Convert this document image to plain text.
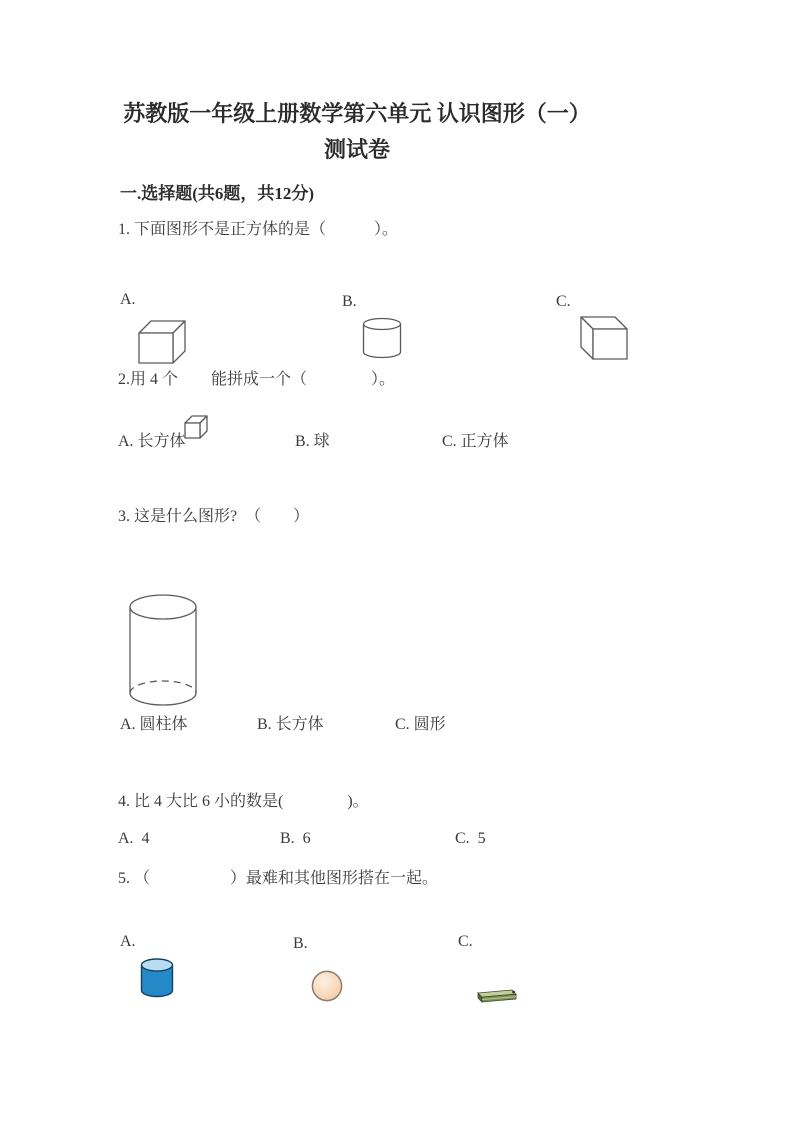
苏教版一年级上册数学第六单元 认识图形（一）
测试卷
一.选择题(共6题，共12分)
1. 下面图形不是正方体的是（　　　）。
A.

	B.

	C.

2.用 4 个

能拼成一个（　　　　）。
A. 长方体	B. 球	C. 正方体
3. 这是什么图形?　（　　）

A. 圆柱体	B. 长方体	C. 圆形
4. 比 4 大比 6 小的数是(　　　　)。
A.  4	B.  6	C.  5
5. （　　　　　）最难和其他图形搭在一起。
A.

	B.

	C.
